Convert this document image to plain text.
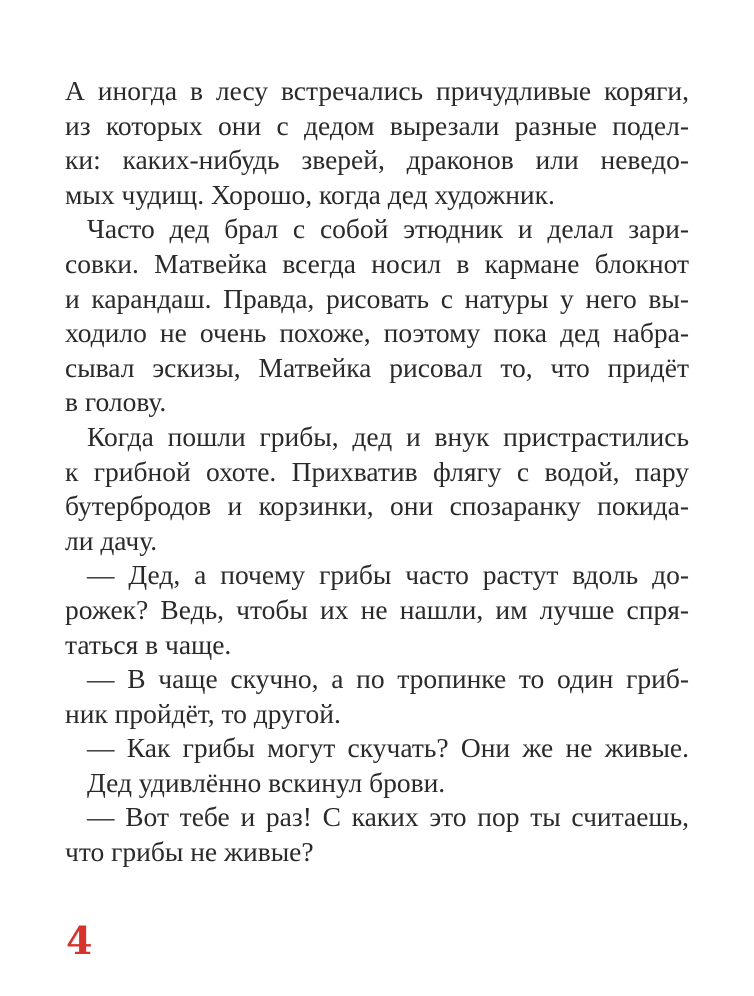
А иногда в лесу встречались причудливые коряги,
из которых они с дедом вырезали разные подел-
ки: каких-нибудь зверей, драконов или неведо-
мых чудищ. Хорошо, когда дед художник.
Часто дед брал с собой этюдник и делал зари-
совки. Матвейка всегда носил в кармане блокнот
и карандаш. Правда, рисовать с натуры у него вы-
ходило не очень похоже, поэтому пока дед набра-
сывал эскизы, Матвейка рисовал то, что придёт
в голову.
Когда пошли грибы, дед и внук пристрастились
к грибной охоте. Прихватив флягу с водой, пару
бутербродов и корзинки, они спозаранку покида-
ли дачу.
— Дед, а почему грибы часто растут вдоль до-
рожек? Ведь, чтобы их не нашли, им лучше спря-
таться в чаще.
— В чаще скучно, а по тропинке то один гриб-
ник пройдёт, то другой.
— Как грибы могут скучать? Они же не живые.
Дед удивлённо вскинул брови.
— Вот тебе и раз! С каких это пор ты считаешь,
что грибы не живые?
4
